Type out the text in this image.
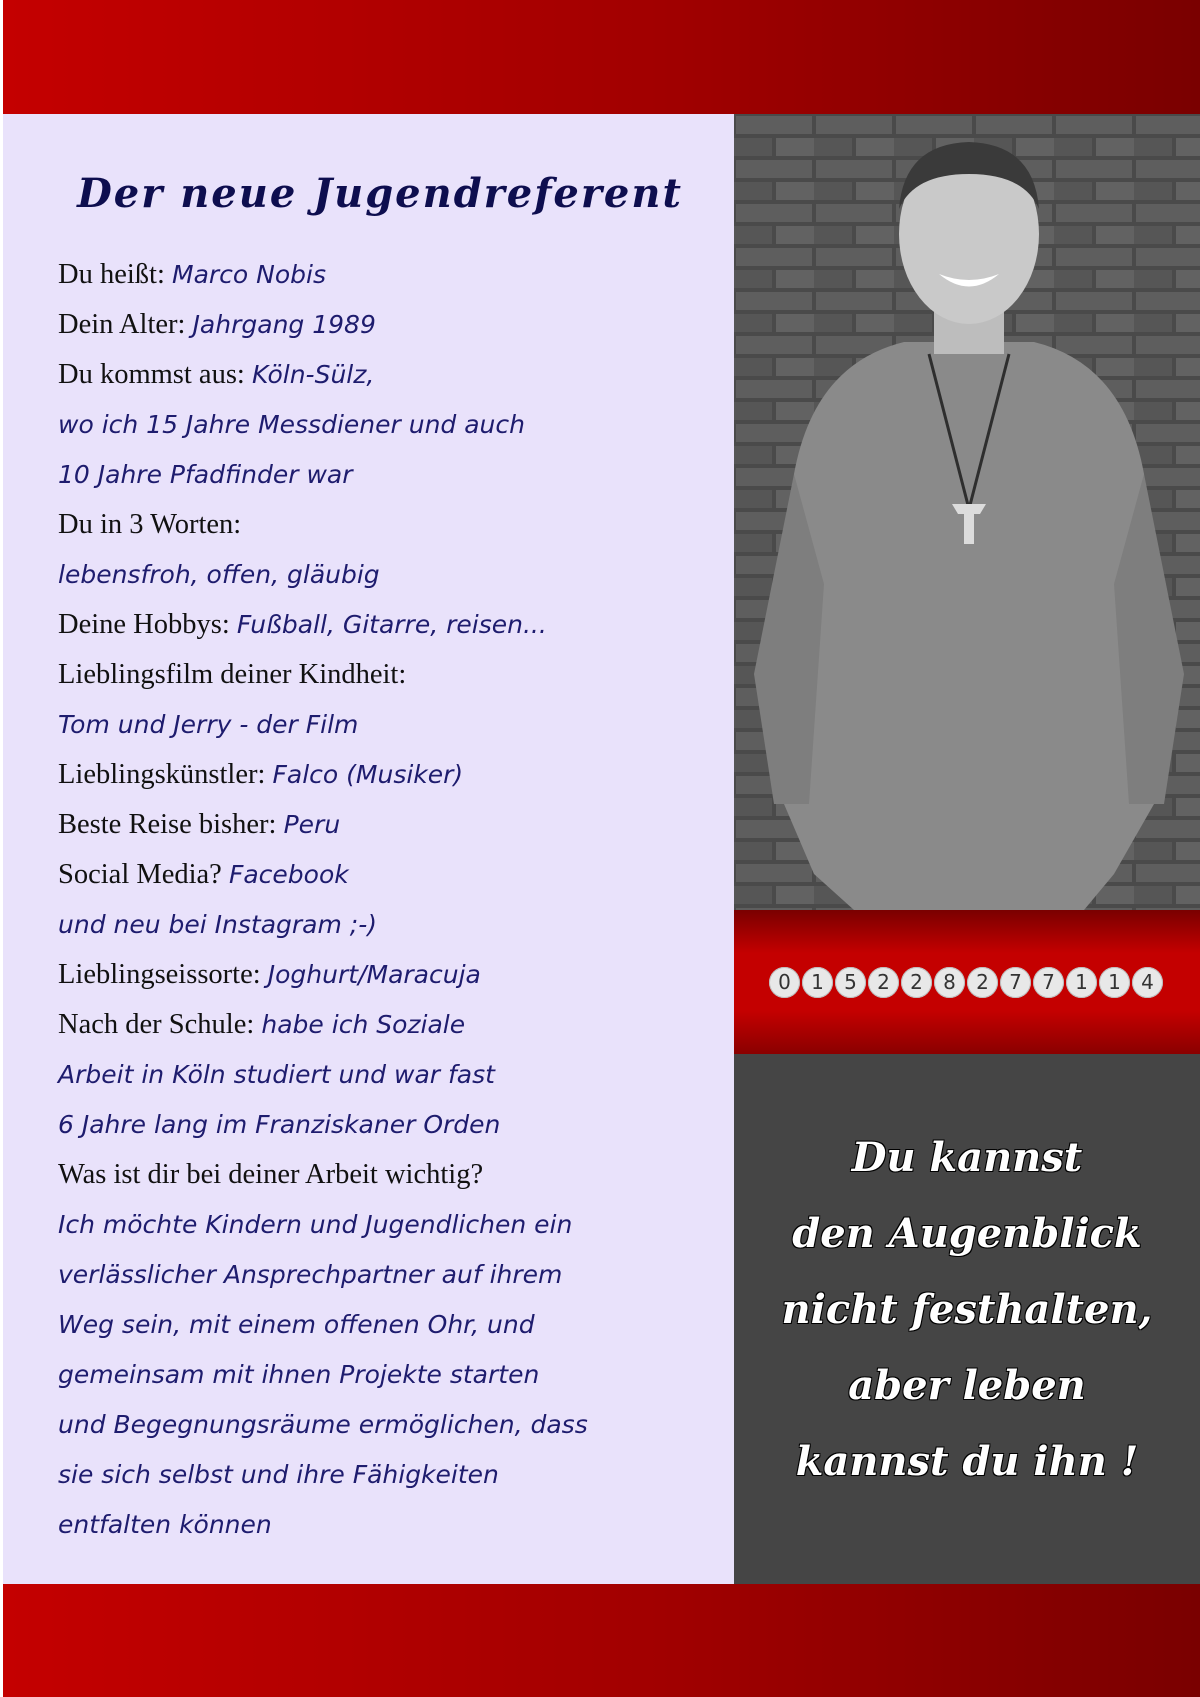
Der neue Jugendreferent
Du heißt: Marco Nobis
Dein Alter: Jahrgang 1989
Du kommst aus: Köln-Sülz,
wo ich 15 Jahre Messdiener und auch
10 Jahre Pfadfinder war
Du in 3 Worten:
lebensfroh, offen, gläubig
Deine Hobbys: Fußball, Gitarre, reisen...
Lieblingsfilm deiner Kindheit:
Tom und Jerry - der Film
Lieblingskünstler: Falco (Musiker)
Beste Reise bisher: Peru
Social Media? Facebook
und neu bei Instagram ;-)
Lieblingseissorte: Joghurt/Maracuja
Nach der Schule: habe ich Soziale
Arbeit in Köln studiert und war fast
6 Jahre lang im Franziskaner Orden
Was ist dir bei deiner Arbeit wichtig?
Ich möchte Kindern und Jugendlichen ein
verlässlicher Ansprechpartner auf ihrem
Weg sein, mit einem offenen Ohr, und
gemeinsam mit ihnen Projekte starten
und Begegnungsräume ermöglichen, dass
sie sich selbst und ihre Fähigkeiten
entfalten können
0 1 5 2 2 8 2 7 7 1 1 4
Du kannst
den Augenblick
nicht festhalten,
aber leben
kannst du ihn !
